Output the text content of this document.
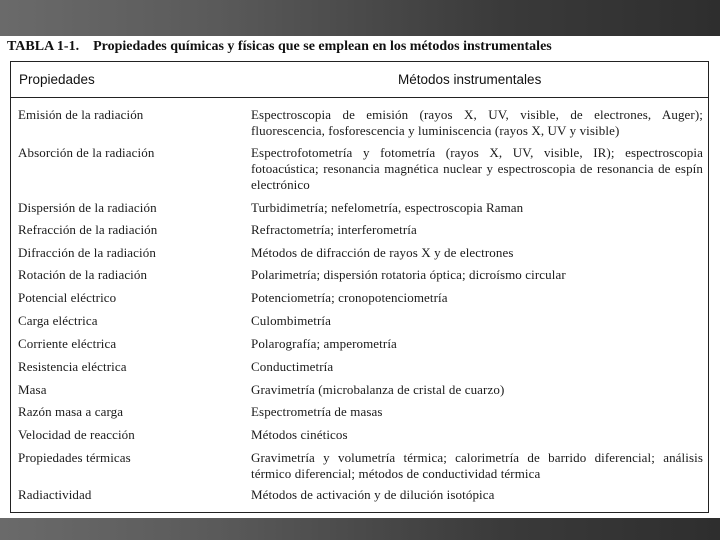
TABLA 1-1. Propiedades químicas y físicas que se emplean en los métodos instrumentales
Propiedades	Métodos instrumentales
Emisión de la radiación	Espectroscopia de emisión (rayos X, UV, visible, de electrones, Auger); fluorescencia, fosforescencia y luminiscencia (rayos X, UV y visible)
Absorción de la radiación	Espectrofotometría y fotometría (rayos X, UV, visible, IR); espectroscopia fotoacústica; resonancia magnética nuclear y espectroscopia de resonancia de espín electrónico
Dispersión de la radiación	Turbidimetría; nefelometría, espectroscopia Raman
Refracción de la radiación	Refractometría; interferometría
Difracción de la radiación	Métodos de difracción de rayos X y de electrones
Rotación de la radiación	Polarimetría; dispersión rotatoria óptica; dicroísmo circular
Potencial eléctrico	Potenciometría; cronopotenciometría
Carga eléctrica	Culombimetría
Corriente eléctrica	Polarografía; amperometría
Resistencia eléctrica	Conductimetría
Masa	Gravimetría (microbalanza de cristal de cuarzo)
Razón masa a carga	Espectrometría de masas
Velocidad de reacción	Métodos cinéticos
Propiedades térmicas	Gravimetría y volumetría térmica; calorimetría de barrido diferencial; análisis térmico diferencial; métodos de conductividad térmica
Radiactividad	Métodos de activación y de dilución isotópica
